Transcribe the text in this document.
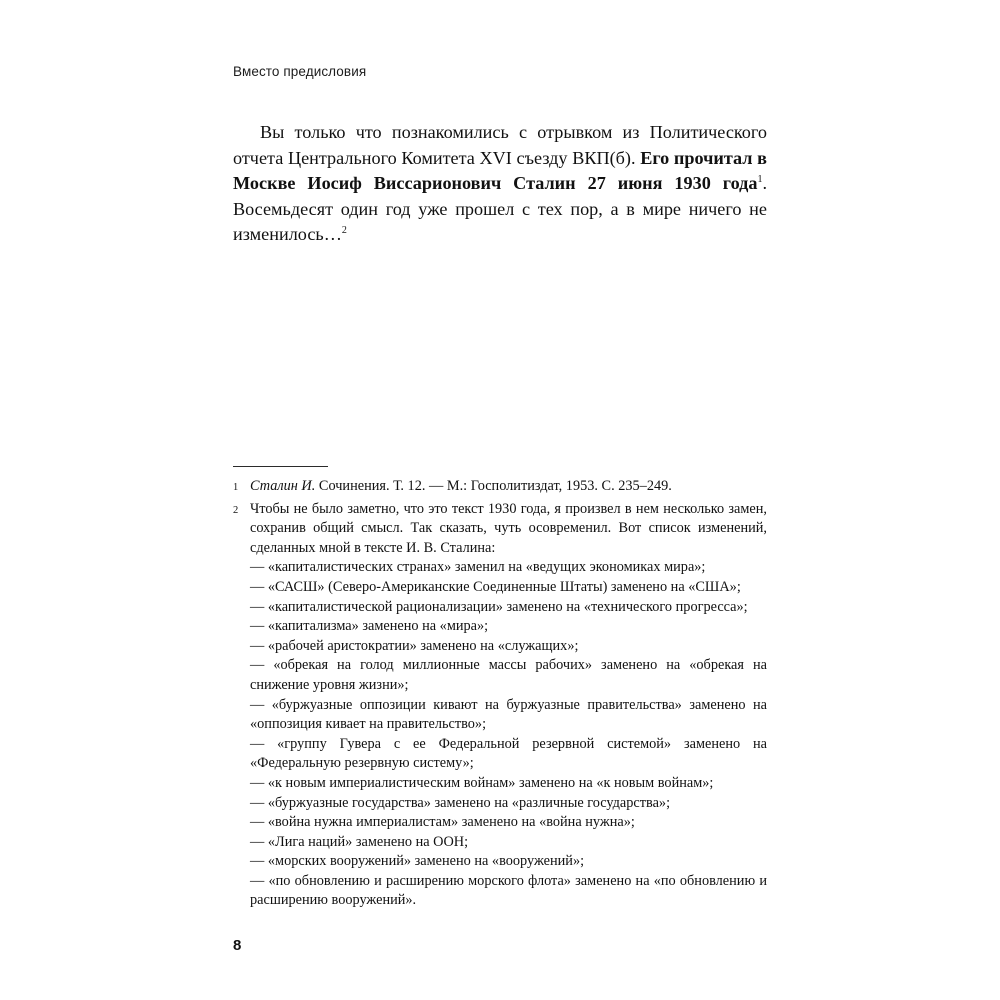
Вместо предисловия

Вы только что познакомились с отрывком из Политического отчета Центрального Комитета XVI съезду ВКП(б). Его прочитал в Москве Иосиф Виссарионович Сталин 27 июня 1930 года$^1$. Восемьдесят один год уже прошел с тех пор, а в мире ничего не изменилось…$^2$

1 Сталин И. Сочинения. Т. 12. — М.: Госполитиздат, 1953. С. 235–249.
2 Чтобы не было заметно, что это текст 1930 года, я произвел в нем несколько замен, сохранив общий смысл. Так сказать, чуть осовременил. Вот список изменений, сделанных мной в тексте И. В. Сталина:
— «капиталистических странах» заменил на «ведущих экономиках мира»;
— «САСШ» (Северо-Американские Соединенные Штаты) заменено на «США»;
— «капиталистической рационализации» заменено на «технического прогресса»;
— «капитализма» заменено на «мира»;
— «рабочей аристократии» заменено на «служащих»;
— «обрекая на голод миллионные массы рабочих» заменено на «обрекая на снижение уровня жизни»;
— «буржуазные оппозиции кивают на буржуазные правительства» заменено на «оппозиция кивает на правительство»;
— «группу Гувера с ее Федеральной резервной системой» заменено на «Федеральную резервную систему»;
— «к новым империалистическим войнам» заменено на «к новым войнам»;
— «буржуазные государства» заменено на «различные государства»;
— «война нужна империалистам» заменено на «война нужна»;
— «Лига наций» заменено на ООН;
— «морских вооружений» заменено на «вооружений»;
— «по обновлению и расширению морского флота» заменено на «по обновлению и расширению вооружений».
8
